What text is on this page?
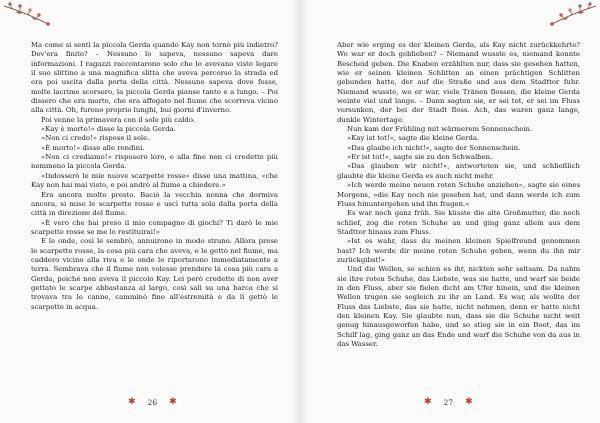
Ma come si sentì la piccola Gerda quando Kay non tornò più indietro? Dov'era finito? – Nessuno lo sapeva, nessuno sapeva dare informazioni. I ragazzi raccontarono solo che lo avevano visto legare il suo slittino a una magnifica slitta che aveva percorso la strada ed era poi uscita dalla porta della città. Nessuno sapeva dove fosse, molte lacrime scorsero, la piccola Gerda pianse tanto e a lungo. – Poi dissero che era morto, che era affogato nel fiume che scorreva vicino alla città. Oh, furono proprio lunghi, bui giorni d'inverno.

Poi venne la primavera con il sole più caldo.

«Kay è morto!» disse la piccola Gerda.

«Non ci credo!» rispose il sole.

«È morto!» disse alle rondini.

«Non ci crediamo!» risposero loro, e alla fine non ci credette più nemmeno la piccola Gerda.

«Indosserò le mie nuove scarpette rosse» disse una mattina, «che Kay non hai mai visto, e poi andrò al fiume a chiedere.»

Era ancora molto presto. Baciò la vecchia nonna che dormiva ancora, si mise le scarpette rosse e uscì tutta sola dalla porta della città in direzione del fiume.

«È vero che hai preso il mio compagno di giochi? Ti darò le mie scarpette rosse se me lo restituirai!»

E le onde, così le sembrò, annuirono in modo strano. Allora prese le scarpette rosse, la cosa più cara che aveva, e le gettò nel fiume, ma caddero vicino alla riva e le onde le riportarono immediatamente a terra. Sembrava che il fiume non volesse prendere la cosa più cara a Gerda, poiché non aveva il piccolo Kay. Lei però credette di non aver gettato le scarpe abbastanza al largo, così salì su una barca che si trovava tra le canne, camminò fino all'estremità e da lì gettò le scarpette in acqua.

✱ 26 ✱

Aber wie erging es der kleinen Gerda, als Kay nicht zurückkehrte? Wo war er doch geblieben? – Niemand wusste es, niemand konnte Bescheid geben. Die Knaben erzählten nur, dass sie gesehen hatten, wie er seinen kleinen Schlitten an einen prächtigen Schlitten gebunden hatte, der auf die Straße und aus dem Stadttor fuhr. Niemand wusste, wo er war, viele Tränen flossen, die kleine Gerda weinte viel und lange. – Dann sagten sie, er sei tot, er sei im Fluss versunken, der bei der Stadt floss. Ach, das waren ganz lange, dunkle Wintertage.

Nun kam der Frühling mit wärmerem Sonnenschein.

»Kay ist tot!«, sagte die kleine Gerda.

»Das glaube ich nicht!«, sagte der Sonnenschein.

»Er ist tot!«, sagte sie zu den Schwalben.

»Das glauben wir nicht!«, antworteten sie, und schließlich glaubte die kleine Gerda es auch nicht mehr.

»Ich werde meine neuen roten Schuhe anziehen«, sagte sie eines Morgens, »die Kay noch nie gesehen hat, und dann werde ich zum Fluss hinuntergehen und ihn fragen.«

Es war noch ganz früh. Sie küsste die alte Großmutter, die noch schlief, zog die roten Schuhe an und ging ganz allein aus dem Stadttor hinaus zum Fluss.

»Ist es wahr, dass du meinen kleinen Spielfreund genommen hast? Ich werde dir meine roten Schuhe geben, wenn du ihn mir zurückgibst!«

Und die Wellen, so schien es ihr, nickten sehr seltsam. Da nahm sie ihre roten Schuhe, das Liebste, was sie hatte, und warf sie beide in den Fluss, aber sie fielen dicht am Ufer hinein, und die kleinen Wellen trugen sie sogleich zu ihr an Land. Es war, als wollte der Fluss das Liebste, das sie hatte, nicht nehmen, denn er hatte nicht den kleinen Kay. Sie glaubte nun, dass sie die Schuhe nicht weit genug hinausgeworfen habe, und so stieg sie in ein Boot, das im Schilf lag, ging ganz an das Ende und warf die Schuhe von da aus in das Wasser.

✱ 27 ✱
